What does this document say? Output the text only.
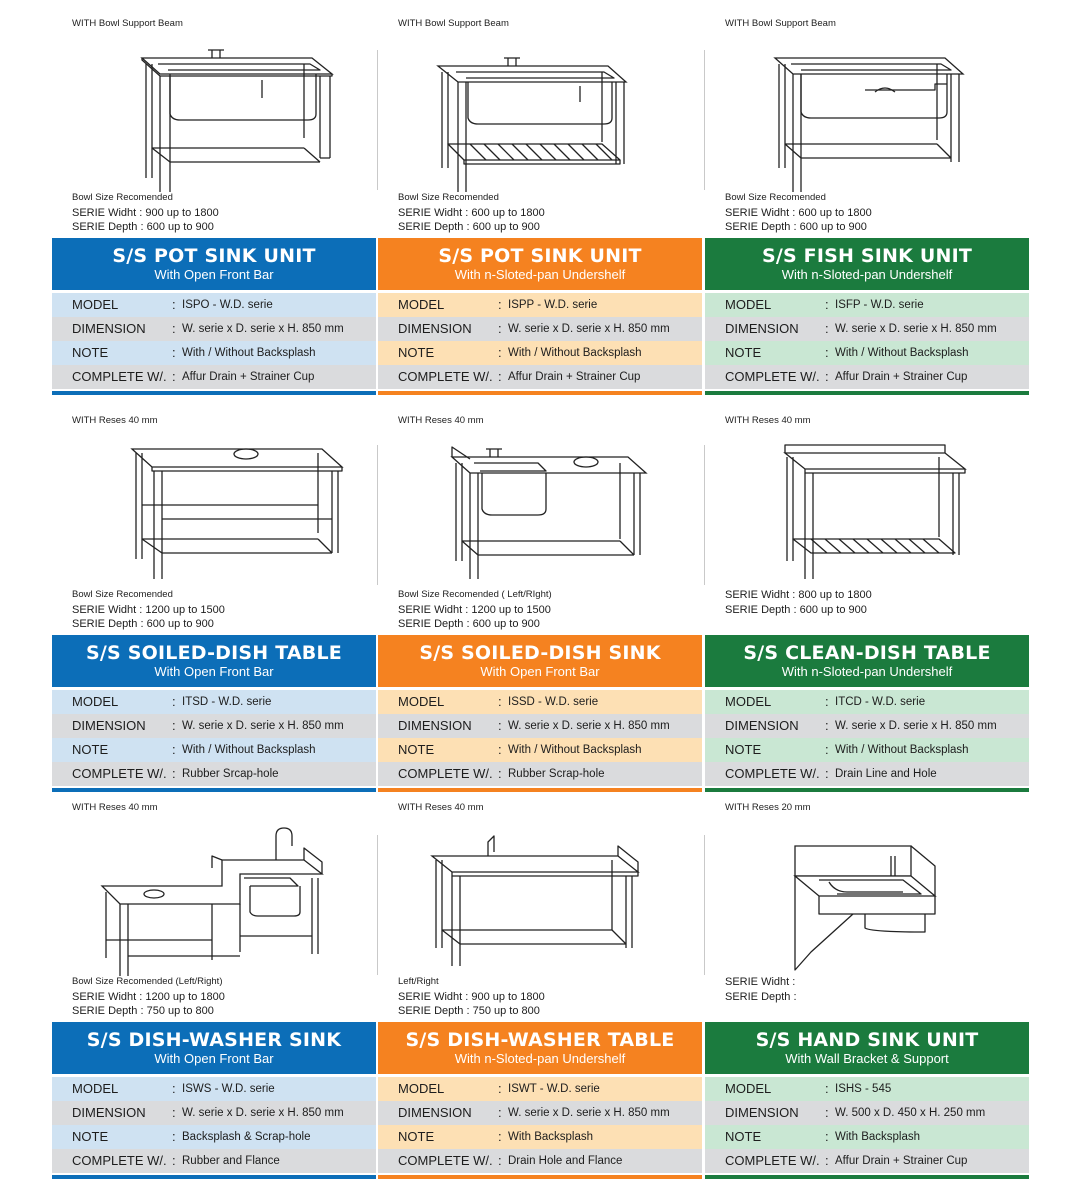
WITH Bowl Support Beam
Bowl Size Recomended
SERIE Widht : 900 up to 1800
SERIE Depth : 600 up to 900
S/S POT SINK UNIT
With Open Front Bar
MODEL	: ISPO - W.D. serie
DIMENSION	: W. serie x D. serie x H. 850 mm
NOTE	: With / Without Backsplash
COMPLETE W/. : Affur Drain + Strainer Cup
WITH Bowl Support Beam
Bowl Size Recomended
SERIE Widht : 600 up to 1800
SERIE Depth : 600 up to 900
S/S POT SINK UNIT
With n-Sloted-pan Undershelf
MODEL	: ISPP - W.D. serie
DIMENSION	: W. serie x D. serie x H. 850 mm
NOTE	: With / Without Backsplash
COMPLETE W/. : Affur Drain + Strainer Cup
WITH Bowl Support Beam
Bowl Size Recomended
SERIE Widht : 600 up to 1800
SERIE Depth : 600 up to 900
S/S FISH SINK UNIT
With n-Sloted-pan Undershelf
MODEL	: ISFP - W.D. serie
DIMENSION	: W. serie x D. serie x H. 850 mm
NOTE	: With / Without Backsplash
COMPLETE W/. : Affur Drain + Strainer Cup
WITH Reses 40 mm
Bowl Size Recomended
SERIE Widht : 1200 up to 1500
SERIE Depth : 600 up to 900
S/S SOILED-DISH TABLE
With Open Front Bar
MODEL	: ITSD - W.D. serie
DIMENSION	: W. serie x D. serie x H. 850 mm
NOTE	: With / Without Backsplash
COMPLETE W/. : Rubber Srcap-hole
WITH Reses 40 mm
Bowl Size Recomended ( Left/RIght)
SERIE Widht : 1200 up to 1500
SERIE Depth : 600 up to 900
S/S SOILED-DISH SINK
With Open Front Bar
MODEL	: ISSD - W.D. serie
DIMENSION	: W. serie x D. serie x H. 850 mm
NOTE	: With / Without Backsplash
COMPLETE W/. : Rubber Scrap-hole
WITH Reses 40 mm
SERIE Widht : 800 up to 1800
SERIE Depth : 600 up to 900
S/S CLEAN-DISH TABLE
With n-Sloted-pan Undershelf
MODEL	: ITCD - W.D. serie
DIMENSION	: W. serie x D. serie x H. 850 mm
NOTE	: With / Without Backsplash
COMPLETE W/. : Drain Line and Hole
WITH Reses 40 mm
Bowl Size Recomended (Left/Right)
SERIE Widht : 1200 up to 1800
SERIE Depth : 750 up to 800
S/S DISH-WASHER SINK
With Open Front Bar
MODEL	: ISWS - W.D. serie
DIMENSION	: W. serie x D. serie x H. 850 mm
NOTE	: Backsplash & Scrap-hole
COMPLETE W/. : Rubber and Flance
WITH Reses 40 mm
Left/Right
SERIE Widht : 900 up to 1800
SERIE Depth : 750 up to 800
S/S DISH-WASHER TABLE
With n-Sloted-pan Undershelf
MODEL	: ISWT - W.D. serie
DIMENSION	: W. serie x D. serie x H. 850 mm
NOTE	: With Backsplash
COMPLETE W/. : Drain Hole and Flance
WITH Reses 20 mm
SERIE Widht :
SERIE Depth :
S/S HAND SINK UNIT
With Wall Bracket & Support
MODEL	: ISHS - 545
DIMENSION	: W. 500 x D. 450 x H. 250 mm
NOTE	: With Backsplash
COMPLETE W/. : Affur Drain + Strainer Cup
